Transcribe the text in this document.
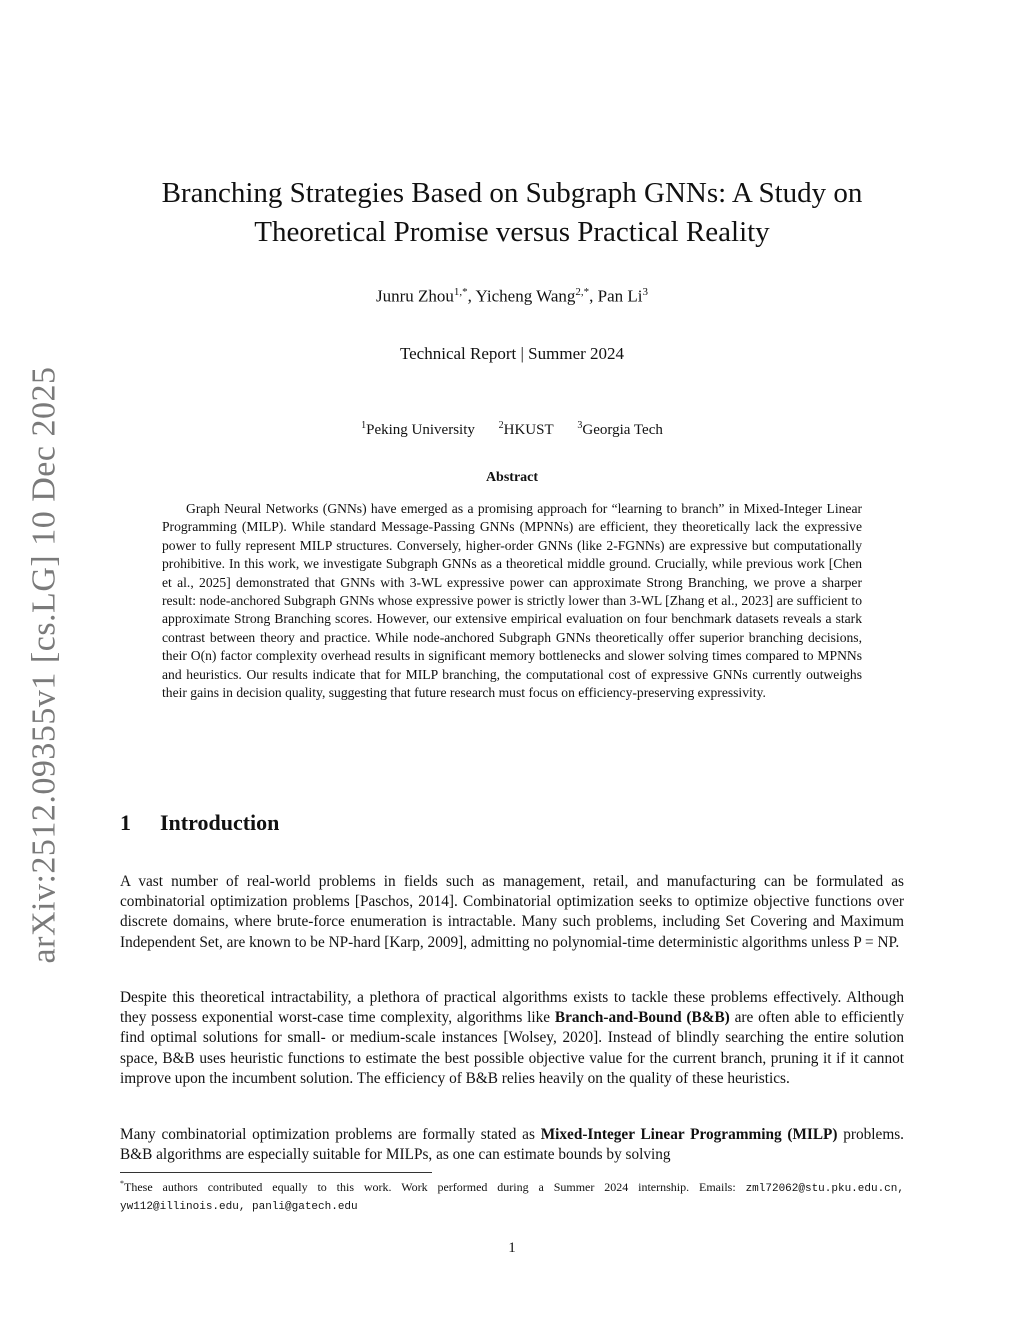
arXiv:2512.09355v1 [cs.LG] 10 Dec 2025
Branching Strategies Based on Subgraph GNNs: A Study on
Theoretical Promise versus Practical Reality
Junru Zhou$^{1,*}$, Yicheng Wang$^{2,*}$, Pan Li$^3$
Technical Report | Summer 2024
$^1$Peking University $^2$HKUST $^3$Georgia Tech
Abstract
Graph Neural Networks (GNNs) have emerged as a promising approach for “learning to branch” in Mixed-Integer Linear Programming (MILP). While standard Message-Passing GNNs (MPNNs) are efficient, they theoretically lack the expressive power to fully represent MILP structures. Conversely, higher-order GNNs (like 2-FGNNs) are expressive but computationally prohibitive. In this work, we investigate Subgraph GNNs as a theoretical middle ground. Crucially, while previous work [Chen et al., 2025] demonstrated that GNNs with 3-WL expressive power can approximate Strong Branching, we prove a sharper result: node-anchored Subgraph GNNs whose expressive power is strictly lower than 3-WL [Zhang et al., 2023] are sufficient to approximate Strong Branching scores. However, our extensive empirical evaluation on four benchmark datasets reveals a stark contrast between theory and practice. While node-anchored Subgraph GNNs theoretically offer superior branching decisions, their O(n) factor complexity overhead results in significant memory bottlenecks and slower solving times compared to MPNNs and heuristics. Our results indicate that for MILP branching, the computational cost of expressive GNNs currently outweighs their gains in decision quality, suggesting that future research must focus on efficiency-preserving expressivity.
1 Introduction

A vast number of real-world problems in fields such as management, retail, and manufacturing can be formulated as combinatorial optimization problems [Paschos, 2014]. Combinatorial optimization seeks to optimize objective functions over discrete domains, where brute-force enumeration is intractable. Many such problems, including Set Covering and Maximum Independent Set, are known to be NP-hard [Karp, 2009], admitting no polynomial-time deterministic algorithms unless P = NP.

Despite this theoretical intractability, a plethora of practical algorithms exists to tackle these problems effectively. Although they possess exponential worst-case time complexity, algorithms like Branch-and-Bound (B&B) are often able to efficiently find optimal solutions for small- or medium-scale instances [Wolsey, 2020]. Instead of blindly searching the entire solution space, B&B uses heuristic functions to estimate the best possible objective value for the current branch, pruning it if it cannot improve upon the incumbent solution. The efficiency of B&B relies heavily on the quality of these heuristics.

Many combinatorial optimization problems are formally stated as Mixed-Integer Linear Programming (MILP) problems. B&B algorithms are especially suitable for MILPs, as one can estimate bounds by solving

*These authors contributed equally to this work. Work performed during a Summer 2024 internship. Emails: zml72062@stu.pku.edu.cn, yw112@illinois.edu, panli@gatech.edu
1
